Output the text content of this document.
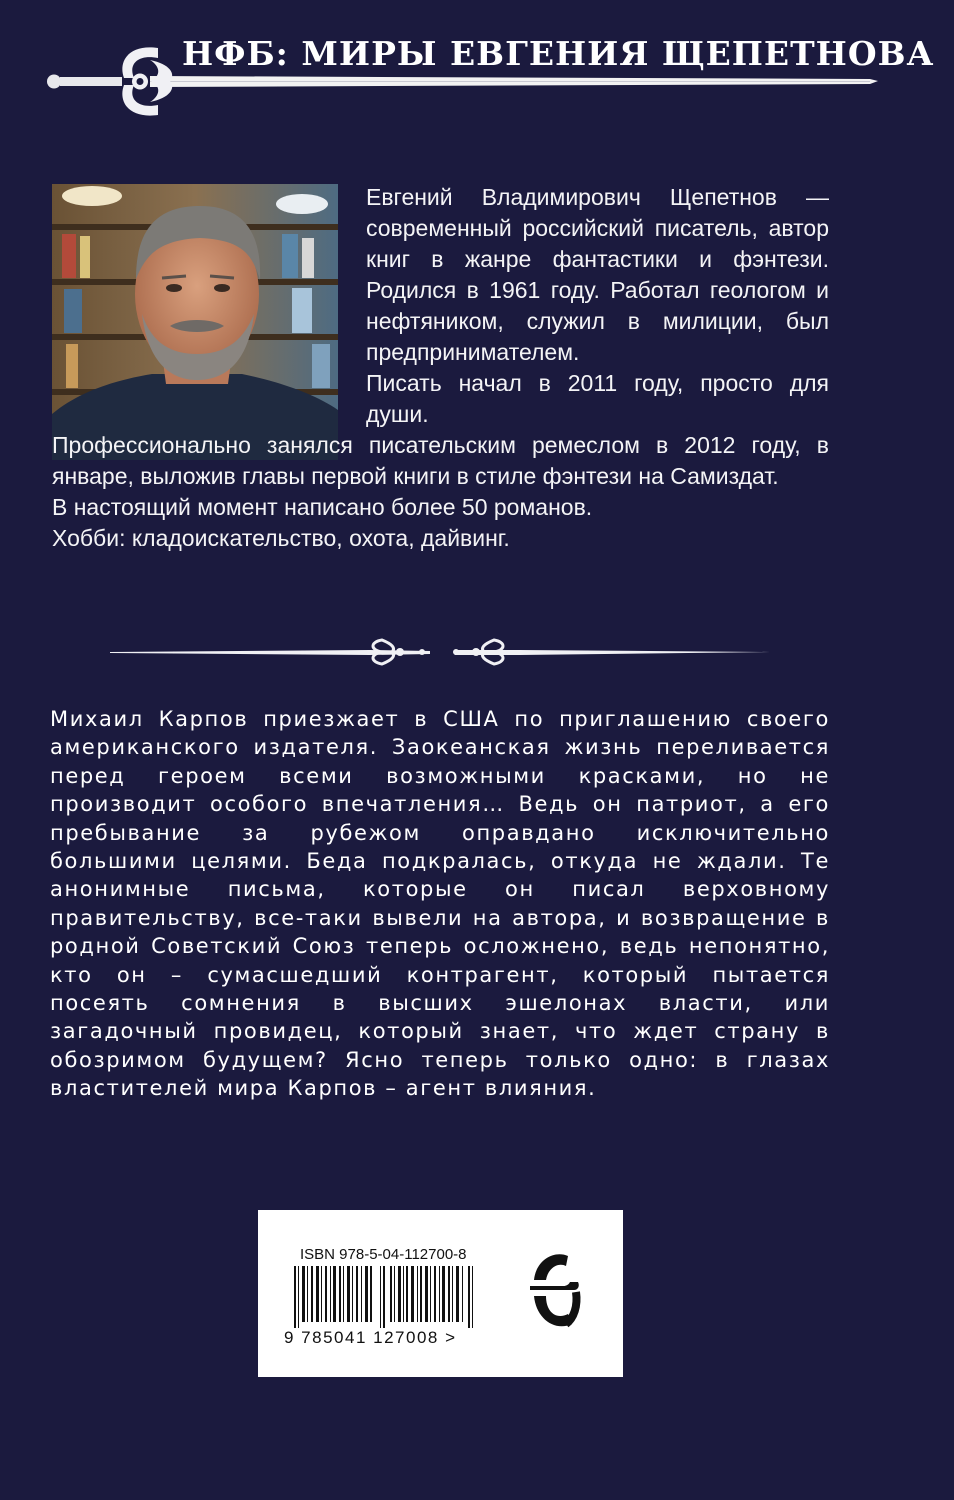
НФБ: МИРЫ ЕВГЕНИЯ ЩЕПЕТНОВА

Евгений Владимирович Щепетнов — современный российский писатель, автор книг в жанре фантастики и фэнтези. Родился в 1961 году. Работал геологом и нефтяником, служил в милиции, был предпринимателем.

Писать начал в 2011 году, просто для души.

Профессионально занялся писательским ремеслом в 2012 году, в январе, выложив главы первой книги в стиле фэнтези на Самиздат.

В настоящий момент написано более 50 романов.

Хобби: кладоискательство, охота, дайвинг.

Михаил Карпов приезжает в США по приглашению своего американского издателя. Заокеанская жизнь переливается перед героем всеми возможными красками, но не производит особого впечатления… Ведь он патриот, а его пребывание за рубежом оправдано исключительно большими целями. Беда подкралась, откуда не ждали. Те анонимные письма, которые он писал верховному правительству, все-таки вывели на автора, и возвращение в родной Советский Союз теперь осложнено, ведь непонятно, кто он – сумасшедший контрагент, который пытается посеять сомнения в высших эшелонах власти, или загадочный провидец, который знает, что ждет страну в обозримом будущем? Ясно теперь только одно: в глазах властителей мира Карпов – агент влияния.

ISBN 978-5-04-112700-8
9 785041 127008 >
